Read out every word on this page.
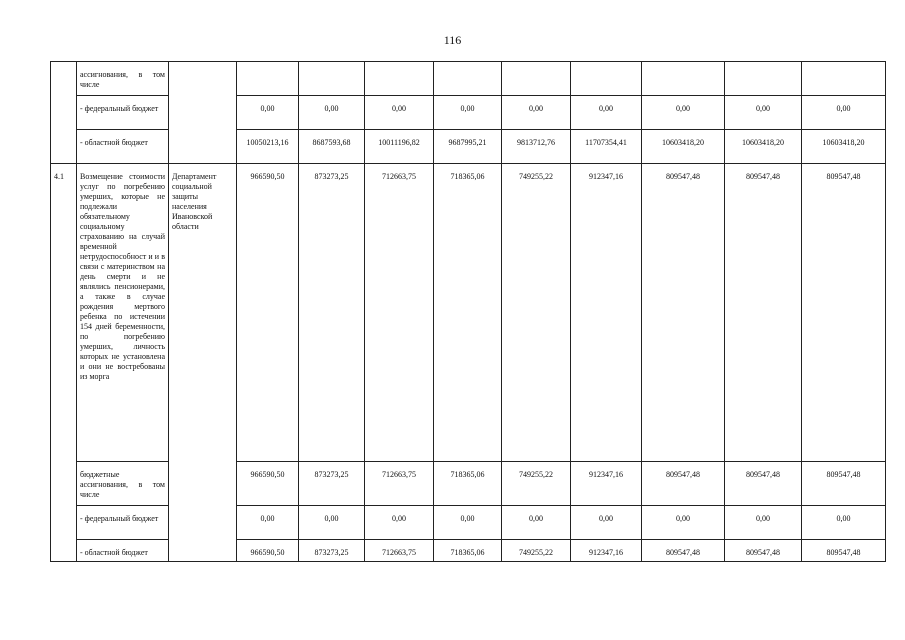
116
	ассигнования, в том числе										
	- федеральный бюджет		0,00	0,00	0,00	0,00	0,00	0,00	0,00	0,00	0,00
	- областной бюджет		10050213,16	8687593,68	10011196,82	9687995,21	9813712,76	11707354,41	10603418,20	10603418,20	10603418,20
4.1	Возмещение стоимости услуг по погребению умерших, которые не подлежали обязательному социальному страхованию на случай временной нетрудоспособност и и в связи с материнством на день смерти и не являлись пенсионерами, а также в случае рождения мертвого ребенка по истечении 154 дней беременности, по погребению умерших, личность которых не установлена и они не востребованы из морга	Департамент социальной защиты населения Ивановской области	966590,50	873273,25	712663,75	718365,06	749255,22	912347,16	809547,48	809547,48	809547,48
	бюджетные ассигнования, в том числе		966590,50	873273,25	712663,75	718365,06	749255,22	912347,16	809547,48	809547,48	809547,48
	- федеральный бюджет		0,00	0,00	0,00	0,00	0,00	0,00	0,00	0,00	0,00
	- областной бюджет		966590,50	873273,25	712663,75	718365,06	749255,22	912347,16	809547,48	809547,48	809547,48
